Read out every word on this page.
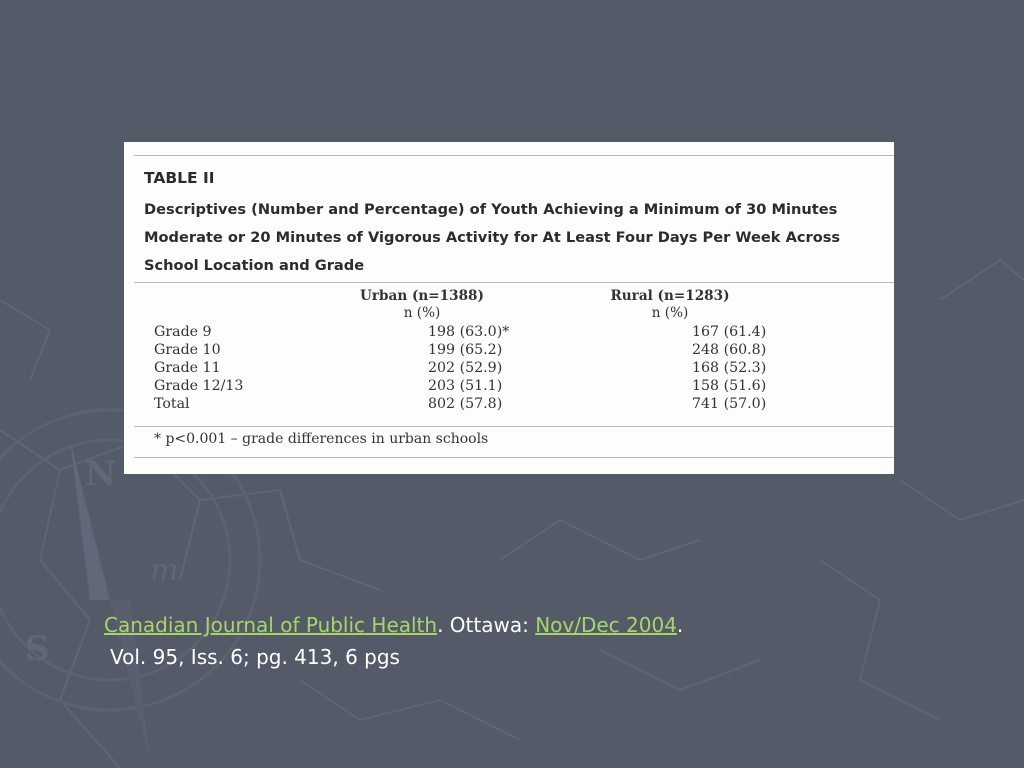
N
S
m
TABLE II
Descriptives (Number and Percentage) of Youth Achieving a Minimum of 30 Minutes Moderate or 20 Minutes of Vigorous Activity for At Least Four Days Per Week Across School Location and Grade
Urban (n=1388)
n (%)
Rural (n=1283)
n (%)
Grade 9	198 (63.0)*	167 (61.4)
Grade 10	199 (65.2)	248 (60.8)
Grade 11	202 (52.9)	168 (52.3)
Grade 12/13	203 (51.1)	158 (51.6)
Total	802 (57.8)	741 (57.0)
* p<0.001 – grade differences in urban schools
Canadian Journal of Public Health. Ottawa: Nov/Dec 2004.
Vol. 95, Iss. 6; pg. 413, 6 pgs
